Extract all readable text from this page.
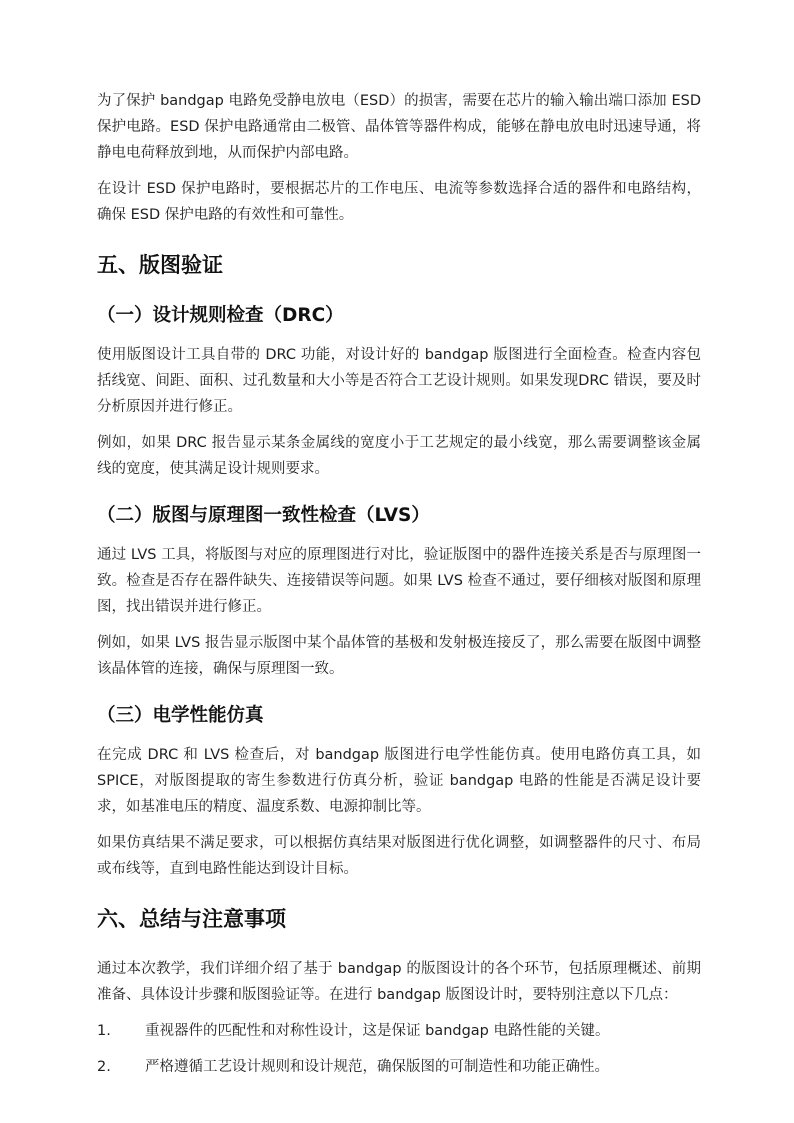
为了保护 bandgap 电路免受静电放电（ESD）的损害，需要在芯片的输入输出端口添加 ESD 保护电路。ESD 保护电路通常由二极管、晶体管等器件构成，能够在静电放电时迅速导通，将静电电荷释放到地，从而保护内部电路。

在设计 ESD 保护电路时，要根据芯片的工作电压、电流等参数选择合适的器件和电路结构，确保 ESD 保护电路的有效性和可靠性。

五、版图验证
（一）设计规则检查（DRC）

使用版图设计工具自带的 DRC 功能，对设计好的 bandgap 版图进行全面检查。检查内容包括线宽、间距、面积、过孔数量和大小等是否符合工艺设计规则。如果发现DRC 错误，要及时分析原因并进行修正。

例如，如果 DRC 报告显示某条金属线的宽度小于工艺规定的最小线宽，那么需要调整该金属线的宽度，使其满足设计规则要求。

（二）版图与原理图一致性检查（LVS）

通过 LVS 工具，将版图与对应的原理图进行对比，验证版图中的器件连接关系是否与原理图一致。检查是否存在器件缺失、连接错误等问题。如果 LVS 检查不通过，要仔细核对版图和原理图，找出错误并进行修正。

例如，如果 LVS 报告显示版图中某个晶体管的基极和发射极连接反了，那么需要在版图中调整该晶体管的连接，确保与原理图一致。

（三）电学性能仿真

在完成 DRC 和 LVS 检查后，对 bandgap 版图进行电学性能仿真。使用电路仿真工具，如 SPICE，对版图提取的寄生参数进行仿真分析，验证 bandgap 电路的性能是否满足设计要求，如基准电压的精度、温度系数、电源抑制比等。

如果仿真结果不满足要求，可以根据仿真结果对版图进行优化调整，如调整器件的尺寸、布局或布线等，直到电路性能达到设计目标。

六、总结与注意事项

通过本次教学，我们详细介绍了基于 bandgap 的版图设计的各个环节，包括原理概述、前期准备、具体设计步骤和版图验证等。在进行 bandgap 版图设计时，要特别注意以下几点：

1.	重视器件的匹配性和对称性设计，这是保证 bandgap 电路性能的关键。
2.	严格遵循工艺设计规则和设计规范，确保版图的可制造性和功能正确性。
